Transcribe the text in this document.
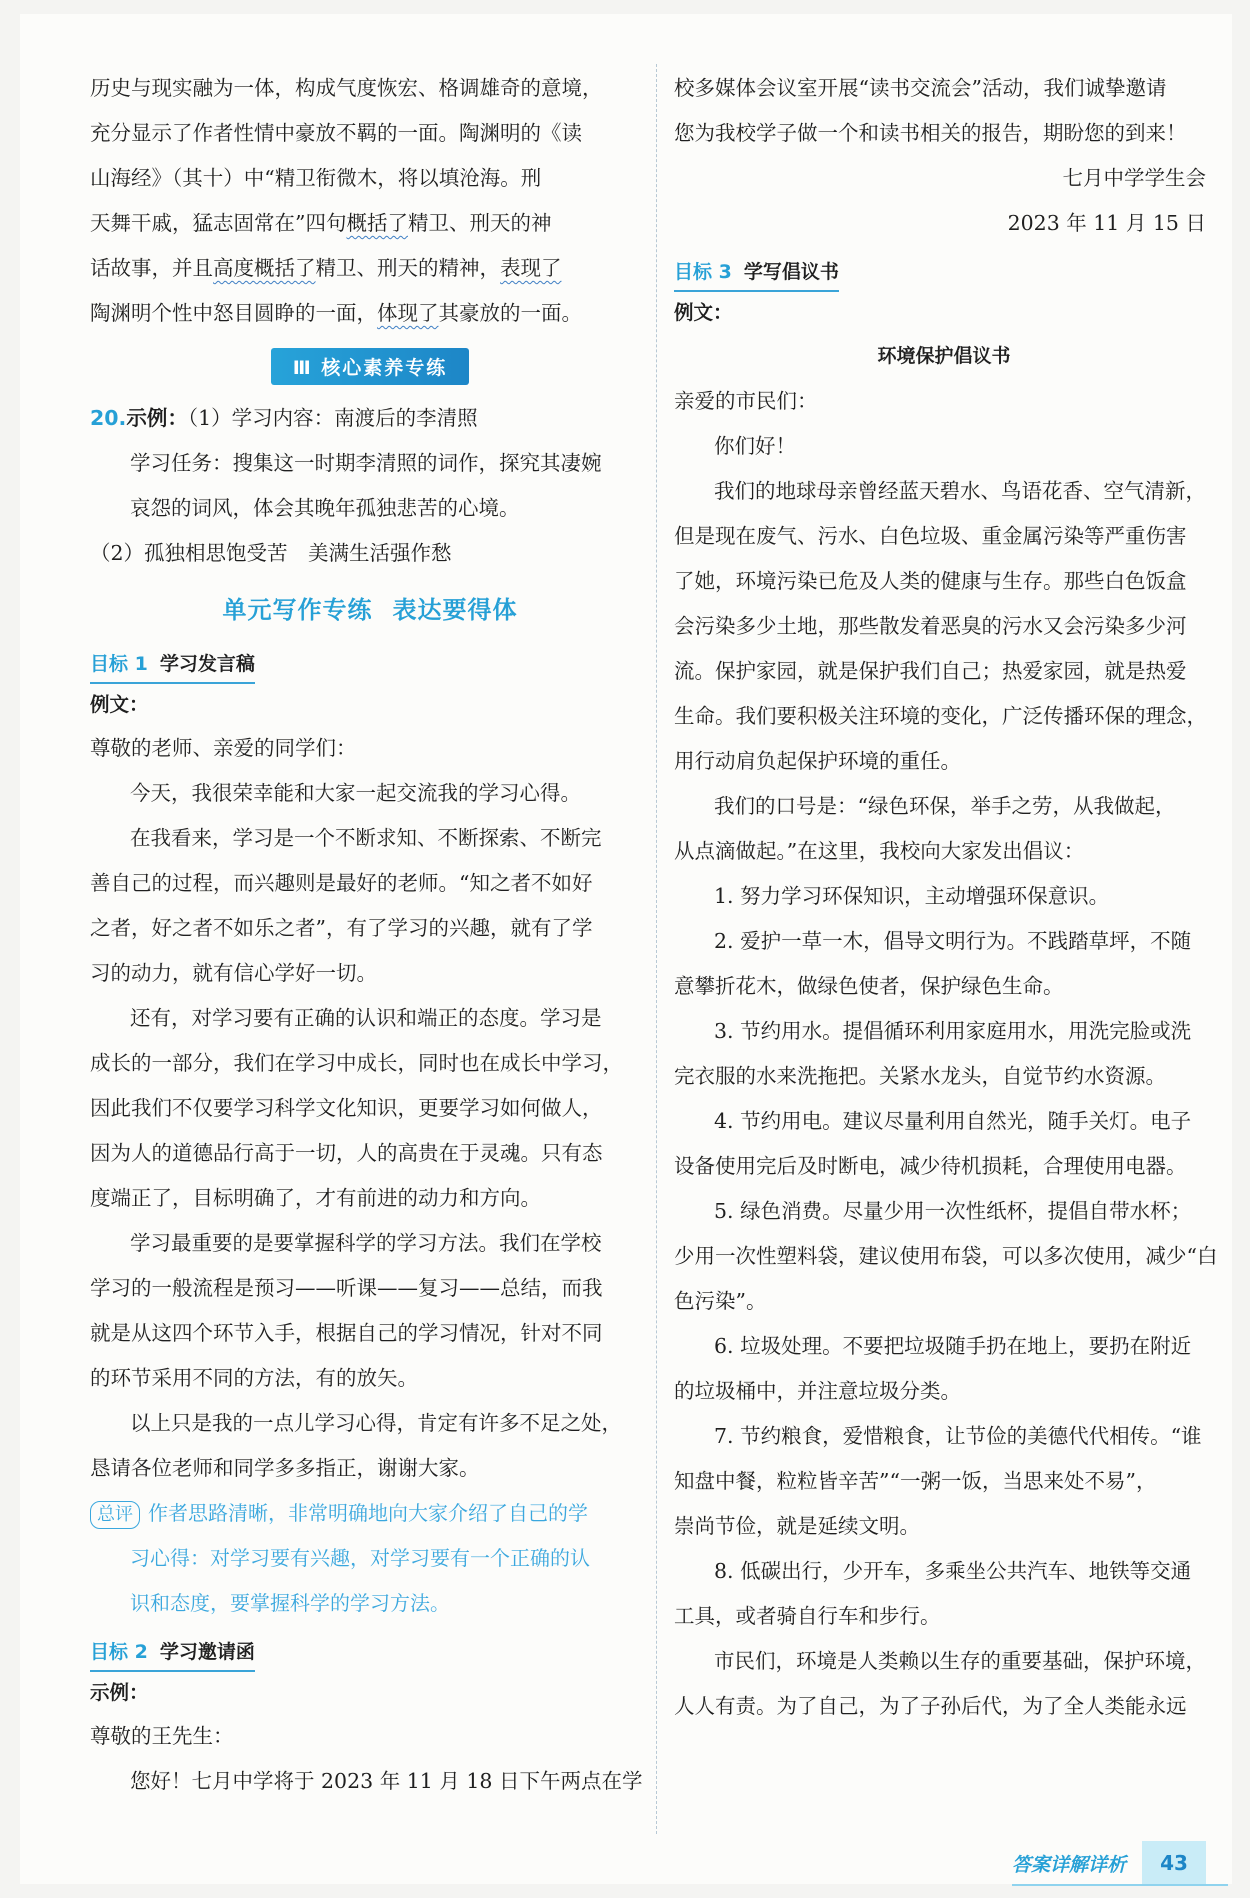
历史与现实融为一体，构成气度恢宏、格调雄奇的意境，

充分显示了作者性情中豪放不羁的一面。陶渊明的《读

山海经》（其十）中“精卫衔微木，将以填沧海。刑

天舞干戚，猛志固常在”四句概括了精卫、刑天的神

话故事，并且高度概括了精卫、刑天的精神，表现了

陶渊明个性中怒目圆睁的一面，体现了其豪放的一面。

Ⅲ 核心素养专练

20.示例：（1）学习内容：南渡后的李清照

学习任务：搜集这一时期李清照的词作，探究其凄婉

哀怨的词风，体会其晚年孤独悲苦的心境。

（2）孤独相思饱受苦　美满生活强作愁

单元写作专练 表达要得体
目标 1 学习发言稿
例文：

尊敬的老师、亲爱的同学们：

今天，我很荣幸能和大家一起交流我的学习心得。

在我看来，学习是一个不断求知、不断探索、不断完

善自己的过程，而兴趣则是最好的老师。“知之者不如好

之者，好之者不如乐之者”，有了学习的兴趣，就有了学

习的动力，就有信心学好一切。

还有，对学习要有正确的认识和端正的态度。学习是

成长的一部分，我们在学习中成长，同时也在成长中学习，

因此我们不仅要学习科学文化知识，更要学习如何做人，

因为人的道德品行高于一切，人的高贵在于灵魂。只有态

度端正了，目标明确了，才有前进的动力和方向。

学习最重要的是要掌握科学的学习方法。我们在学校

学习的一般流程是预习——听课——复习——总结，而我

就是从这四个环节入手，根据自己的学习情况，针对不同

的环节采用不同的方法，有的放矢。

以上只是我的一点儿学习心得，肯定有许多不足之处，

恳请各位老师和同学多多指正，谢谢大家。

总评 作者思路清晰，非常明确地向大家介绍了自己的学

习心得：对学习要有兴趣，对学习要有一个正确的认

识和态度，要掌握科学的学习方法。

目标 2 学习邀请函
示例：

尊敬的王先生：

您好！七月中学将于 2023 年 11 月 18 日下午两点在学

校多媒体会议室开展“读书交流会”活动，我们诚挚邀请

您为我校学子做一个和读书相关的报告，期盼您的到来！

七月中学学生会

2023 年 11 月 15 日

目标 3 学写倡议书
例文：

环境保护倡议书

亲爱的市民们：

你们好！

我们的地球母亲曾经蓝天碧水、鸟语花香、空气清新，

但是现在废气、污水、白色垃圾、重金属污染等严重伤害

了她，环境污染已危及人类的健康与生存。那些白色饭盒

会污染多少土地，那些散发着恶臭的污水又会污染多少河

流。保护家园，就是保护我们自己；热爱家园，就是热爱

生命。我们要积极关注环境的变化，广泛传播环保的理念，

用行动肩负起保护环境的重任。

我们的口号是：“绿色环保，举手之劳，从我做起，

从点滴做起。”在这里，我校向大家发出倡议：

1. 努力学习环保知识，主动增强环保意识。

2. 爱护一草一木，倡导文明行为。不践踏草坪，不随

意攀折花木，做绿色使者，保护绿色生命。

3. 节约用水。提倡循环利用家庭用水，用洗完脸或洗

完衣服的水来洗拖把。关紧水龙头，自觉节约水资源。

4. 节约用电。建议尽量利用自然光，随手关灯。电子

设备使用完后及时断电，减少待机损耗，合理使用电器。

5. 绿色消费。尽量少用一次性纸杯，提倡自带水杯；

少用一次性塑料袋，建议使用布袋，可以多次使用，减少“白

色污染”。

6. 垃圾处理。不要把垃圾随手扔在地上，要扔在附近

的垃圾桶中，并注意垃圾分类。

7. 节约粮食，爱惜粮食，让节俭的美德代代相传。“谁

知盘中餐，粒粒皆辛苦”“一粥一饭，当思来处不易”，

崇尚节俭，就是延续文明。

8. 低碳出行，少开车，多乘坐公共汽车、地铁等交通

工具，或者骑自行车和步行。

市民们，环境是人类赖以生存的重要基础，保护环境，

人人有责。为了自己，为了子孙后代，为了全人类能永远

答案详解详析	43
